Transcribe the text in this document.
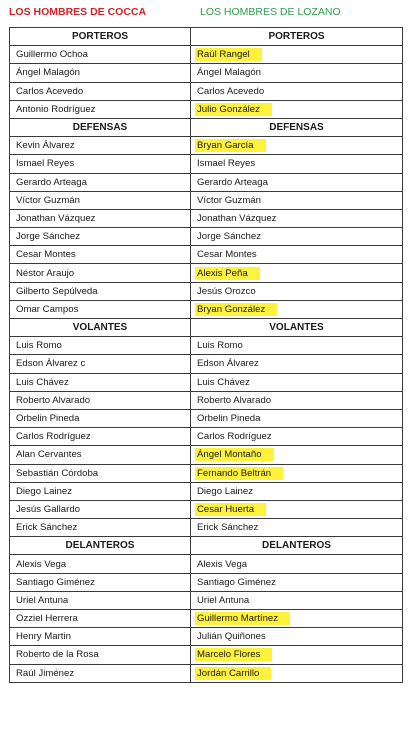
LOS HOMBRES DE COCCA	LOS HOMBRES DE LOZANO
PORTEROS	PORTEROS
Guillermo Ochoa	Raúl Rangel
Ángel Malagón	Ángel Malagón
Carlos Acevedo	Carlos Acevedo
Antonio Rodríguez	Julio González
DEFENSAS	DEFENSAS
Kevin Álvarez	Bryan García
Ismael Reyes	Ismael Reyes
Gerardo Arteaga	Gerardo Arteaga
Víctor Guzmán	Víctor Guzmán
Jonathan Vázquez	Jonathan Vázquez
Jorge Sánchez	Jorge Sánchez
Cesar Montes	Cesar Montes
Néstor Araujo	Alexis Peña
Gilberto Sepúlveda	Jesús Orozco
Omar Campos	Bryan González
VOLANTES	VOLANTES
Luis Romo	Luis Romo
Edson Álvarez c	Edson Álvarez
Luis Chávez	Luis Chávez
Roberto Alvarado	Roberto Alvarado
Orbelin Pineda	Orbelin Pineda
Carlos Rodríguez	Carlos Rodríguez
Alan Cervantes	Ángel Montaño
Sebastián Córdoba	Fernando Beltrán
Diego Lainez	Diego Lainez
Jesús Gallardo	Cesar Huerta
Erick Sánchez	Erick Sánchez
DELANTEROS	DELANTEROS
Alexis Vega	Alexis Vega
Santiago Giménez	Santiago Giménez
Uriel Antuna	Uriel Antuna
Ozziel Herrera	Guillermo Martínez
Henry Martin	Julián Quiñones
Roberto de la Rosa	Marcelo Flores
Raúl Jiménez	Jordán Carrillo
